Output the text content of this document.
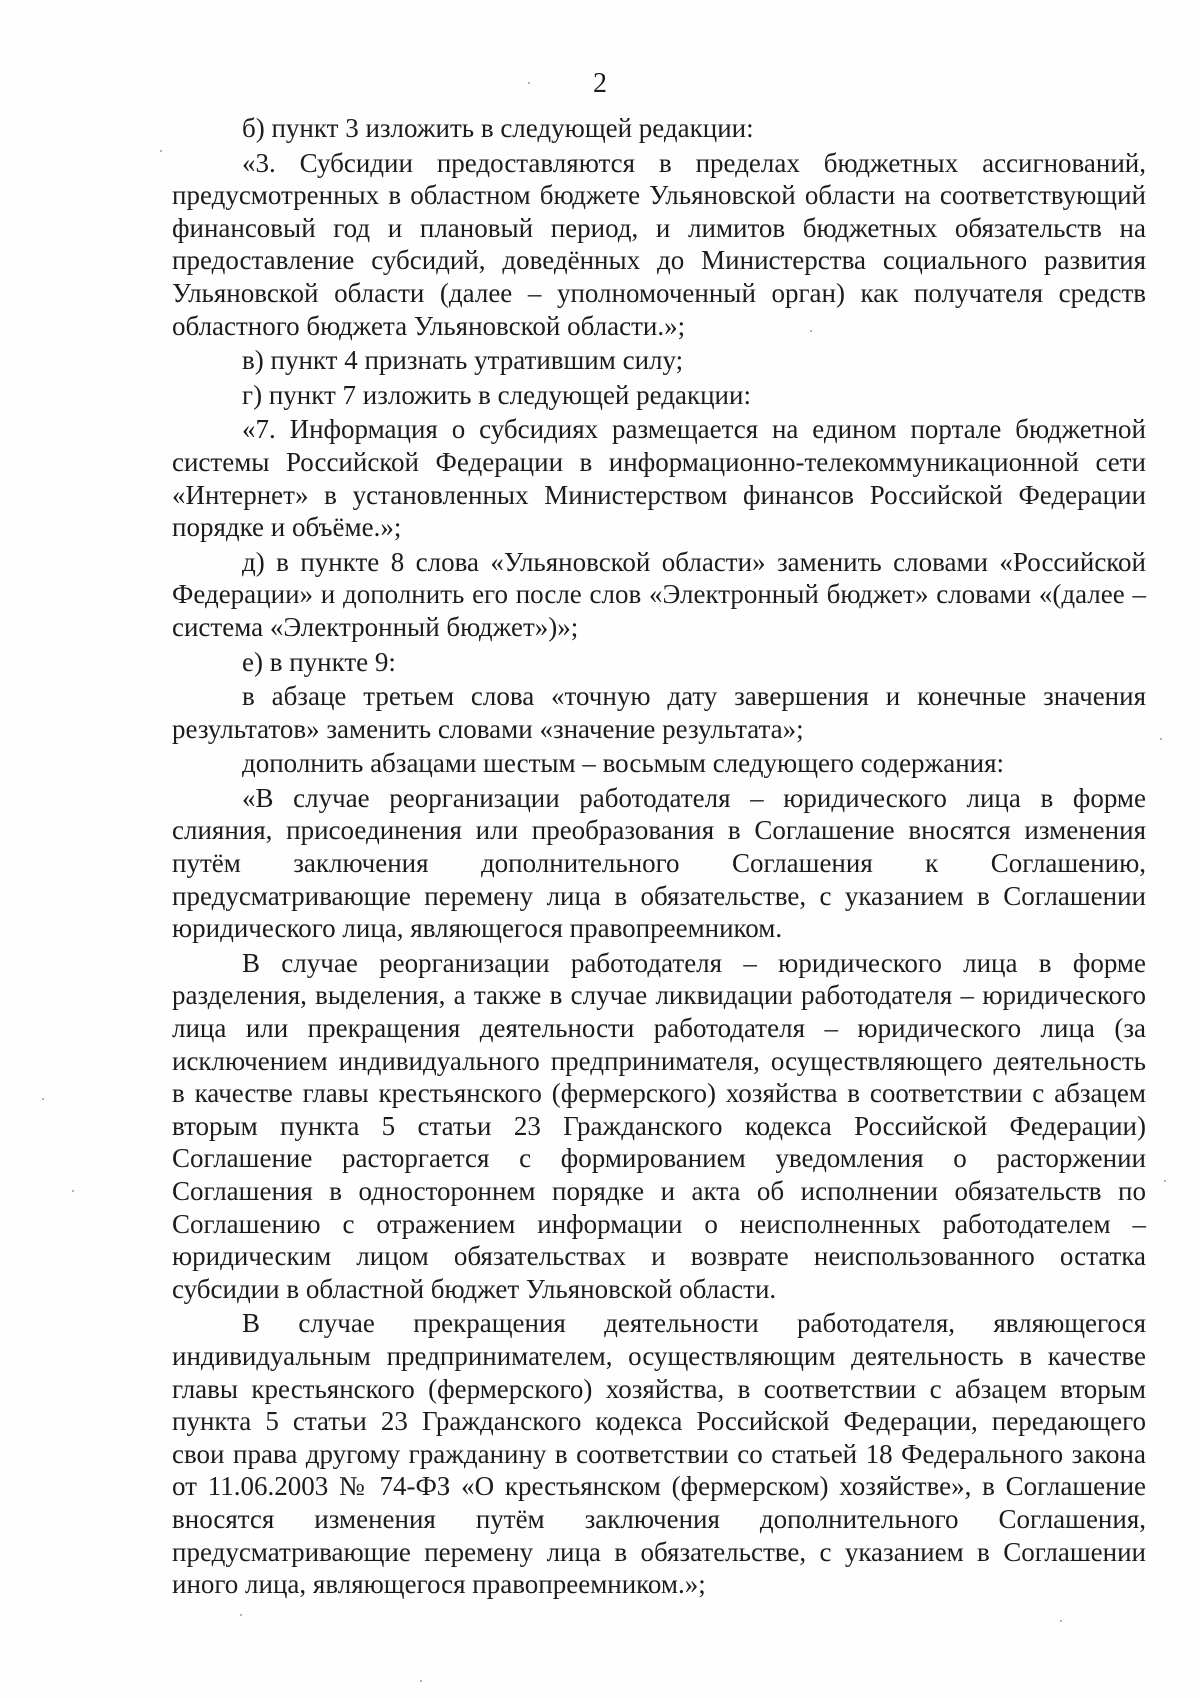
2

б) пункт 3 изложить в следующей редакции:

«3. Субсидии предоставляются в пределах бюджетных ассигнований, предусмотренных в областном бюджете Ульяновской области на соответствующий финансовый год и плановый период, и лимитов бюджетных обязательств на предоставление субсидий, доведённых до Министерства социального развития Ульяновской области (далее – уполномоченный орган) как получателя средств областного бюджета Ульяновской области.»;

в) пункт 4 признать утратившим силу;

г) пункт 7 изложить в следующей редакции:

«7. Информация о субсидиях размещается на едином портале бюджетной системы Российской Федерации в информационно-телекоммуникационной сети «Интернет» в установленных Министерством финансов Российской Федерации порядке и объёме.»;

д) в пункте 8 слова «Ульяновской области» заменить словами «Российской Федерации» и дополнить его после слов «Электронный бюджет» словами «(далее – система «Электронный бюджет»)»;

е) в пункте 9:

в абзаце третьем слова «точную дату завершения и конечные значения результатов» заменить словами «значение результата»;

дополнить абзацами шестым – восьмым следующего содержания:

«В случае реорганизации работодателя – юридического лица в форме слияния, присоединения или преобразования в Соглашение вносятся изменения путём заключения дополнительного Соглашения к Соглашению, предусматривающие перемену лица в обязательстве, с указанием в Соглашении юридического лица, являющегося правопреемником.

В случае реорганизации работодателя – юридического лица в форме разделения, выделения, а также в случае ликвидации работодателя – юридического лица или прекращения деятельности работодателя – юридического лица (за исключением индивидуального предпринимателя, осуществляющего деятельность в качестве главы крестьянского (фермерского) хозяйства в соответствии с абзацем вторым пункта 5 статьи 23 Гражданского кодекса Российской Федерации) Соглашение расторгается с формированием уведомления о расторжении Соглашения в одностороннем порядке и акта об исполнении обязательств по Соглашению с отражением информации о неисполненных работодателем – юридическим лицом обязательствах и возврате неиспользованного остатка субсидии в областной бюджет Ульяновской области.

В случае прекращения деятельности работодателя, являющегося индивидуальным предпринимателем, осуществляющим деятельность в качестве главы крестьянского (фермерского) хозяйства, в соответствии с абзацем вторым пункта 5 статьи 23 Гражданского кодекса Российской Федерации, передающего свои права другому гражданину в соответствии со статьей 18 Федерального закона от 11.06.2003 № 74-ФЗ «О крестьянском (фермерском) хозяйстве», в Соглашение вносятся изменения путём заключения дополнительного Соглашения, предусматривающие перемену лица в обязательстве, с указанием в Соглашении иного лица, являющегося правопреемником.»;
